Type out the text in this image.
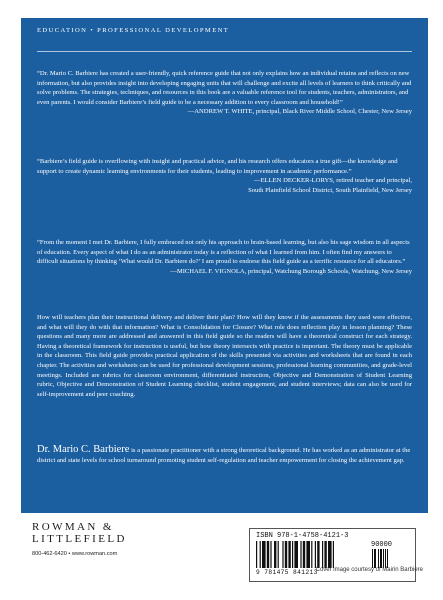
EDUCATION • PROFESSIONAL DEVELOPMENT

“Dr. Mario C. Barbiere has created a user-friendly, quick reference guide that not only explains how an individual retains and reflects on new information, but also provides insight into developing engaging units that will challenge and excite all levels of learners to think critically and solve problems. The strategies, techniques, and resources in this book are a valuable reference tool for students, teachers, administrators, and even parents. I would consider Barbiere’s field guide to be a necessary addition to every classroom and household!”

—ANDREW T. WHITE, principal, Black River Middle School, Chester, New Jersey

“Barbiere’s field guide is overflowing with insight and practical advice, and his research offers educators a true gift—the knowledge and support to create dynamic learning environments for their students, leading to improvement in academic performance.”

—ELLEN DECKER-LORYS, retired teacher and principal,

South Plainfield School District, South Plainfield, New Jersey

“From the moment I met Dr. Barbiere, I fully embraced not only his approach to brain-based learning, but also his sage wisdom in all aspects of education. Every aspect of what I do as an administrator today is a reflection of what I learned from him. I often find my answers to difficult situations by thinking ‘What would Dr. Barbiere do?’ I am proud to endorse this field guide as a terrific resource for all educators.”

—MICHAEL F. VIGNOLA, principal, Watchung Borough Schools, Watchung, New Jersey

How will teachers plan their instructional delivery and deliver their plan? How will they know if the assessments they used were effective, and what will they do with that information? What is Consolidation for Closure? What role does reflection play in lesson planning? These questions and many more are addressed and answered in this field guide so the readers will have a theoretical construct for each strategy. Having a theoretical framework for instruction is useful, but how theory intersects with practice is important. The theory must be applicable in the classroom. This field guide provides practical application of the skills presented via activities and worksheets that are found in each chapter. The activities and worksheets can be used for professional development sessions, professional learning communities, and grade-level meetings. Included are rubrics for classroom environment, differentiated instruction, Objective and Demonstration of Student Learning rubric, Objective and Demonstration of Student Learning checklist, student engagement, and student interviews; data can also be used for self-improvement and peer coaching.

Dr. Mario C. Barbiere is a passionate practitioner with a strong theoretical background. He has worked as an administrator at the district and state levels for school turnaround promoting student self-regulation and teacher empowerment for closing the achievement gap.

ROWMAN &
LITTLEFIELD
800-462-6420 • www.rowman.com
ISBN 978-1-4758-4121-3
90000
9 781475 841213
Cover image courtesy of Mairin Barbiere
